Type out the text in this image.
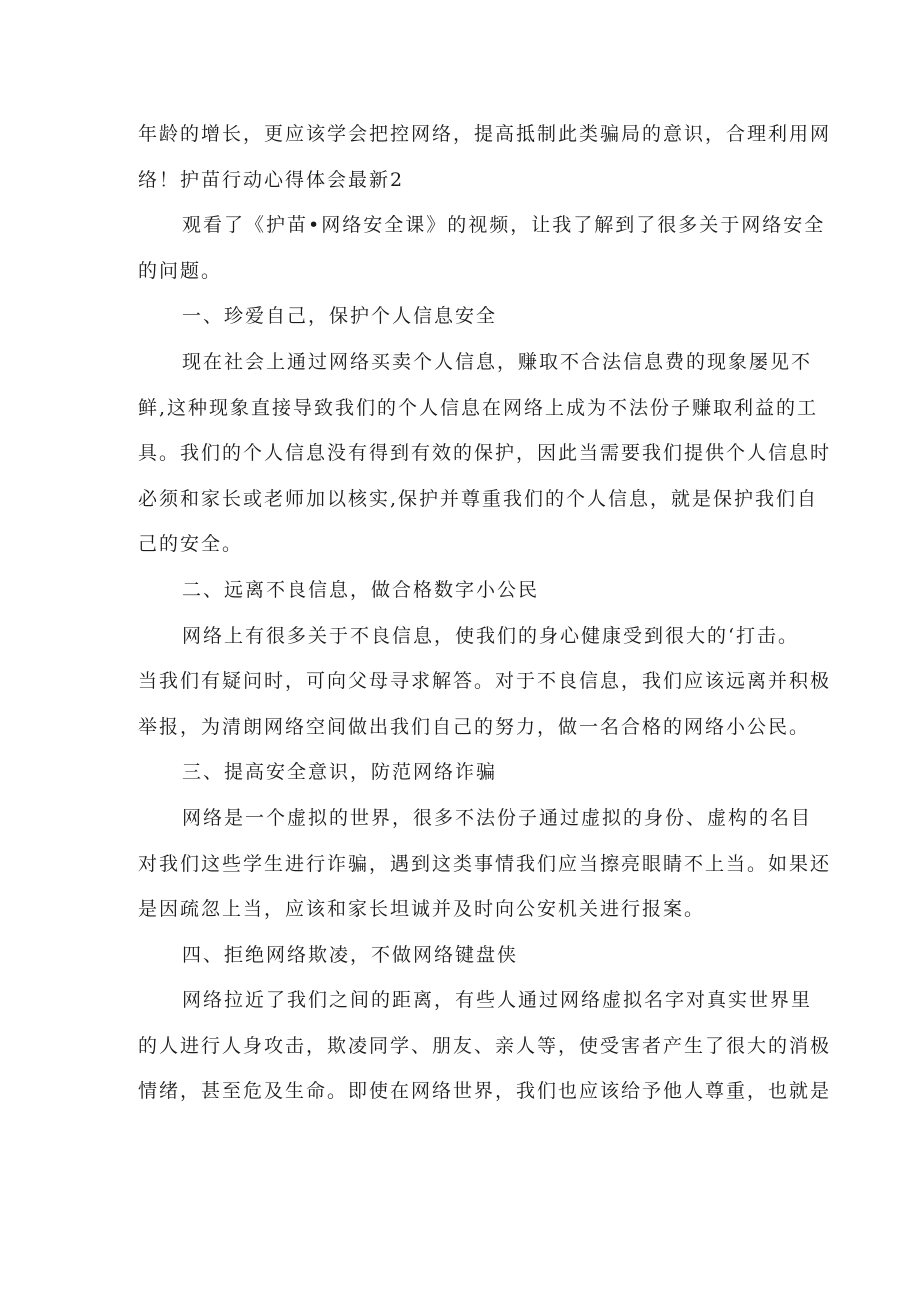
年龄的增长，更应该学会把控网络，提高抵制此类骗局的意识，合理利用网
络！护苗行动心得体会最新2
观看了《护苗•网络安全课》的视频，让我了解到了很多关于网络安全
的问题。
一、珍爱自己，保护个人信息安全
现在社会上通过网络买卖个人信息，赚取不合法信息费的现象屡见不
鲜,这种现象直接导致我们的个人信息在网络上成为不法份子赚取利益的工
具。我们的个人信息没有得到有效的保护，因此当需要我们提供个人信息时
必须和家长或老师加以核实,保护并尊重我们的个人信息，就是保护我们自
己的安全。
二、远离不良信息，做合格数字小公民
网络上有很多关于不良信息，使我们的身心健康受到很大的‘打击。
当我们有疑问时，可向父母寻求解答。对于不良信息，我们应该远离并积极
举报，为清朗网络空间做出我们自己的努力，做一名合格的网络小公民。
三、提高安全意识，防范网络诈骗
网络是一个虚拟的世界，很多不法份子通过虚拟的身份、虚构的名目
对我们这些学生进行诈骗，遇到这类事情我们应当擦亮眼睛不上当。如果还
是因疏忽上当，应该和家长坦诚并及时向公安机关进行报案。
四、拒绝网络欺凌，不做网络键盘侠
网络拉近了我们之间的距离，有些人通过网络虚拟名字对真实世界里
的人进行人身攻击，欺凌同学、朋友、亲人等，使受害者产生了很大的消极
情绪，甚至危及生命。即使在网络世界，我们也应该给予他人尊重，也就是
